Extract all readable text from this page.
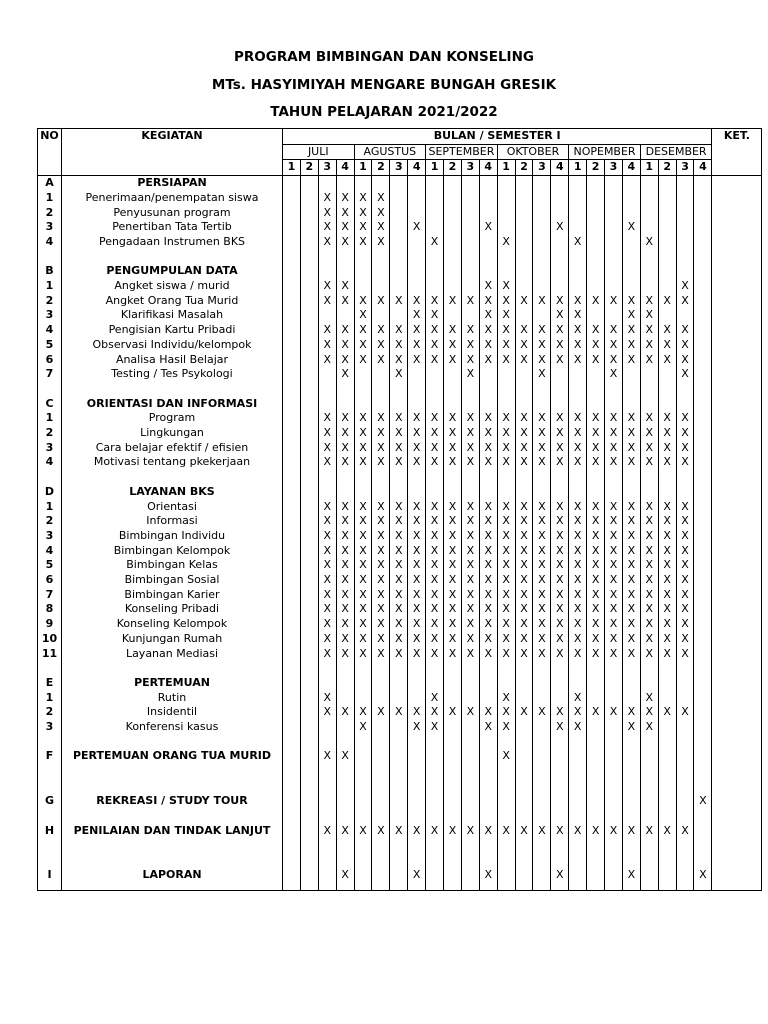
PROGRAM BIMBINGAN DAN KONSELING
MTs. HASYIMIYAH MENGARE BUNGAH GRESIK
TAHUN PELAJARAN 2021/2022
NO	KEGIATAN	BULAN / SEMESTER I																								KET.
		JULI				AGUSTUS				SEPTEMBER				OKTOBER				NOPEMBER				DESEMBER				
		1	2	3	4	1	2	3	4	1	2	3	4	1	2	3	4	1	2	3	4	1	2	3	4	
A	PERSIAPAN																									
1	Penerimaan/penempatan siswa			X	X	X	X																			
2	Penyusunan program			X	X	X	X																			
3	Penertiban Tata Tertib			X	X	X	X		X				X				X				X					
4	Pengadaan Instrumen BKS			X	X	X	X			X				X				X				X				

B	PENGUMPULAN DATA																									
1	Angket siswa / murid			X	X								X	X										X		
2	Angket Orang Tua Murid			X	X	X	X	X	X	X	X	X	X	X	X	X	X	X	X	X	X	X	X	X		
3	Klarifikasi Masalah					X			X	X			X	X			X	X			X	X				
4	Pengisian Kartu Pribadi			X	X	X	X	X	X	X	X	X	X	X	X	X	X	X	X	X	X	X	X	X		
5	Observasi Individu/kelompok			X	X	X	X	X	X	X	X	X	X	X	X	X	X	X	X	X	X	X	X	X		
6	Analisa Hasil Belajar			X	X	X	X	X	X	X	X	X	X	X	X	X	X	X	X	X	X	X	X	X		
7	Testing / Tes Psykologi				X			X				X				X				X				X		

C	ORIENTASI DAN INFORMASI																									
1	Program			X	X	X	X	X	X	X	X	X	X	X	X	X	X	X	X	X	X	X	X	X		
2	Lingkungan			X	X	X	X	X	X	X	X	X	X	X	X	X	X	X	X	X	X	X	X	X		
3	Cara belajar efektif / efisien			X	X	X	X	X	X	X	X	X	X	X	X	X	X	X	X	X	X	X	X	X		
4	Motivasi tentang pkekerjaan			X	X	X	X	X	X	X	X	X	X	X	X	X	X	X	X	X	X	X	X	X		

D	LAYANAN BKS																									
1	Orientasi			X	X	X	X	X	X	X	X	X	X	X	X	X	X	X	X	X	X	X	X	X		
2	Informasi			X	X	X	X	X	X	X	X	X	X	X	X	X	X	X	X	X	X	X	X	X		
3	Bimbingan Individu			X	X	X	X	X	X	X	X	X	X	X	X	X	X	X	X	X	X	X	X	X		
4	Bimbingan Kelompok			X	X	X	X	X	X	X	X	X	X	X	X	X	X	X	X	X	X	X	X	X		
5	Bimbingan Kelas			X	X	X	X	X	X	X	X	X	X	X	X	X	X	X	X	X	X	X	X	X		
6	Bimbingan Sosial			X	X	X	X	X	X	X	X	X	X	X	X	X	X	X	X	X	X	X	X	X		
7	Bimbingan Karier			X	X	X	X	X	X	X	X	X	X	X	X	X	X	X	X	X	X	X	X	X		
8	Konseling Pribadi			X	X	X	X	X	X	X	X	X	X	X	X	X	X	X	X	X	X	X	X	X		
9	Konseling Kelompok			X	X	X	X	X	X	X	X	X	X	X	X	X	X	X	X	X	X	X	X	X		
10	Kunjungan Rumah			X	X	X	X	X	X	X	X	X	X	X	X	X	X	X	X	X	X	X	X	X		
11	Layanan Mediasi			X	X	X	X	X	X	X	X	X	X	X	X	X	X	X	X	X	X	X	X	X		

E	PERTEMUAN																									
1	Rutin			X						X				X				X				X				
2	Insidentil			X	X	X	X	X	X	X	X	X	X	X	X	X	X	X	X	X	X	X	X	X		
3	Konferensi kasus					X			X	X			X	X			X	X			X	X				

F	PERTEMUAN ORANG TUA MURID			X	X									X												

G	REKREASI / STUDY TOUR																								X	

H	PENILAIAN DAN TINDAK LANJUT			X	X	X	X	X	X	X	X	X	X	X	X	X	X	X	X	X	X	X	X	X		

I	LAPORAN				X				X				X				X				X				X	
